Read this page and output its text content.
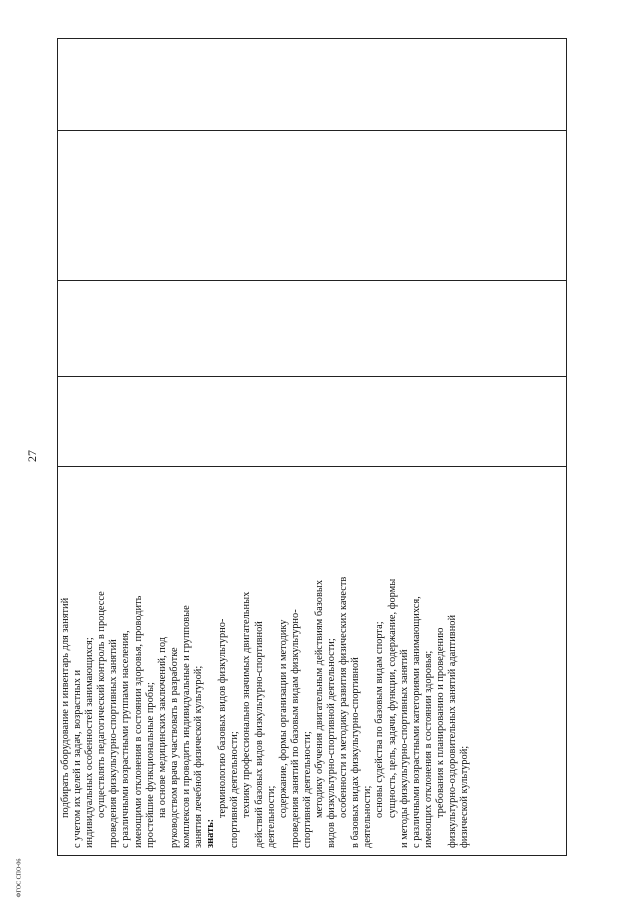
27
подбирать оборудование и инвентарь для занятий с учетом их целей и задач, возрастных и индивидуальных особенностей занимающихся; осуществлять педагогический контроль в процессе проведения физкультурно-спортивных занятий с различными возрастными группами населения, имеющими отклонения в состоянии здоровья, проводить простейшие функциональные пробы; на основе медицинских заключений, под руководством врача участвовать в разработке комплексов и проводить индивидуальные и групповые занятия лечебной физической культурой; знать:
терминологию базовых видов физкультурно- спортивной деятельности; технику профессионально значимых двигательных действий базовых видов физкультурно-спортивной деятельности; содержание, формы организации и методику проведения занятий по базовым видам физкультурно- спортивной деятельности; методику обучения двигательным действиям базовых видов физкультурно-спортивной деятельности; особенности и методику развития физических качеств в базовых видах физкультурно-спортивной деятельности; основы судейства по базовым видам спорта; сущность, цель, задачи, функции, содержание, формы и методы физкультурно-спортивных занятий с различными возрастными категориями занимающихся, имеющих отклонения в состоянии здоровья; требования к планированию и проведению физкультурно-оздоровительных занятий адаптивной физической культурой;
ФГОС СПО-06
